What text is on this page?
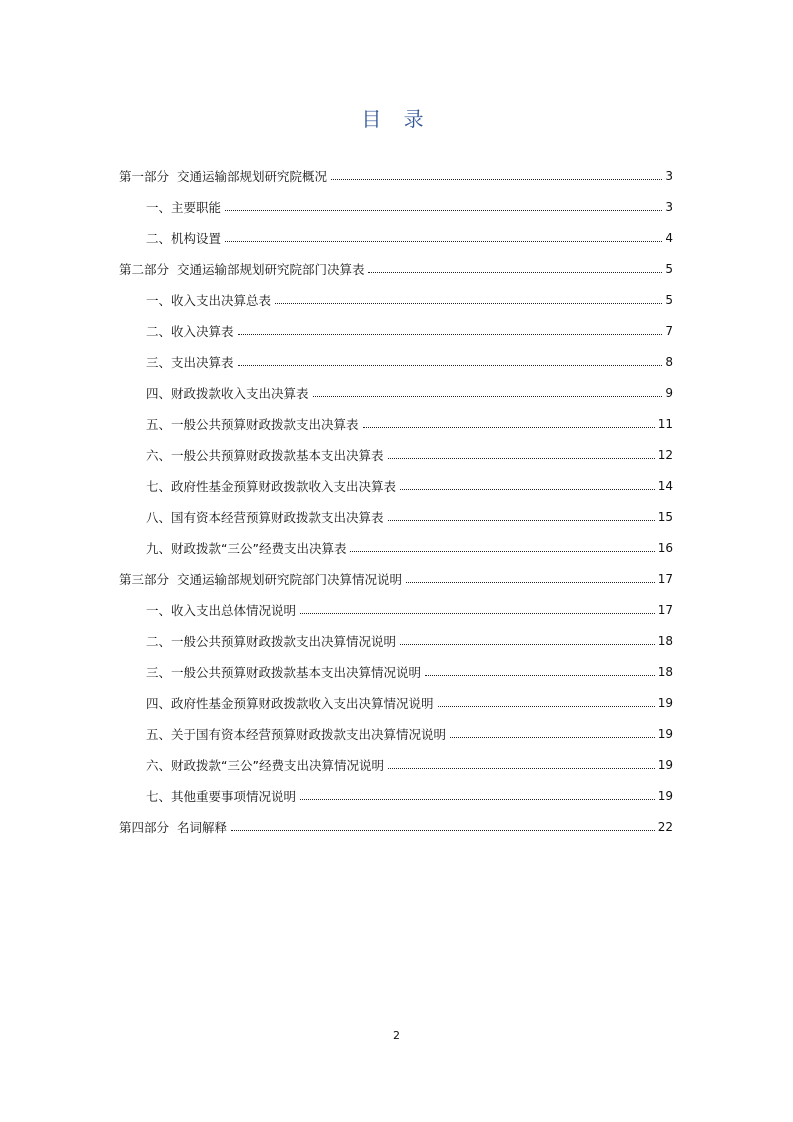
目 录
第一部分  交通运输部规划研究院概况	3
一、主要职能	3
二、机构设置	4
第二部分  交通运输部规划研究院部门决算表	5
一、收入支出决算总表	5
二、收入决算表	7
三、支出决算表	8
四、财政拨款收入支出决算表	9
五、一般公共预算财政拨款支出决算表	11
六、一般公共预算财政拨款基本支出决算表	12
七、政府性基金预算财政拨款收入支出决算表	14
八、国有资本经营预算财政拨款支出决算表	15
九、财政拨款“三公”经费支出决算表	16
第三部分  交通运输部规划研究院部门决算情况说明	17
一、收入支出总体情况说明	17
二、一般公共预算财政拨款支出决算情况说明	18
三、一般公共预算财政拨款基本支出决算情况说明	18
四、政府性基金预算财政拨款收入支出决算情况说明	19
五、关于国有资本经营预算财政拨款支出决算情况说明	19
六、财政拨款“三公”经费支出决算情况说明	19
七、其他重要事项情况说明	19
第四部分  名词解释	22
2
